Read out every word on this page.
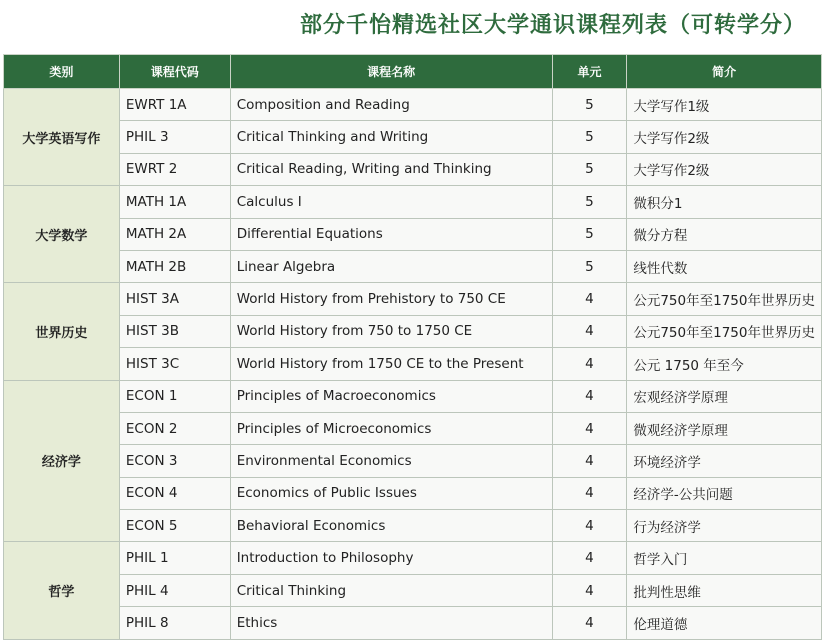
部分千怡精选社区大学通识课程列表（可转学分）
类别	课程代码	课程名称	单元	简介
大学英语写作	EWRT 1A	Composition and Reading	5	大学写作1级
	PHIL 3	Critical Thinking and Writing	5	大学写作2级
	EWRT 2	Critical Reading, Writing and Thinking	5	大学写作2级
大学数学	MATH 1A	Calculus I	5	微积分1
	MATH 2A	Differential Equations	5	微分方程
	MATH 2B	Linear Algebra	5	线性代数
世界历史	HIST 3A	World History from Prehistory to 750 CE	4	公元750年至1750年世界历史
	HIST 3B	World History from 750 to 1750 CE	4	公元750年至1750年世界历史
	HIST 3C	World History from 1750 CE to the Present	4	公元 1750 年至今
经济学	ECON 1	Principles of Macroeconomics	4	宏观经济学原理
	ECON 2	Principles of Microeconomics	4	微观经济学原理
	ECON 3	Environmental Economics	4	环境经济学
	ECON 4	Economics of Public Issues	4	经济学-公共问题
	ECON 5	Behavioral Economics	4	行为经济学
哲学	PHIL 1	Introduction to Philosophy	4	哲学入门
	PHIL 4	Critical Thinking	4	批判性思维
	PHIL 8	Ethics	4	伦理道德
